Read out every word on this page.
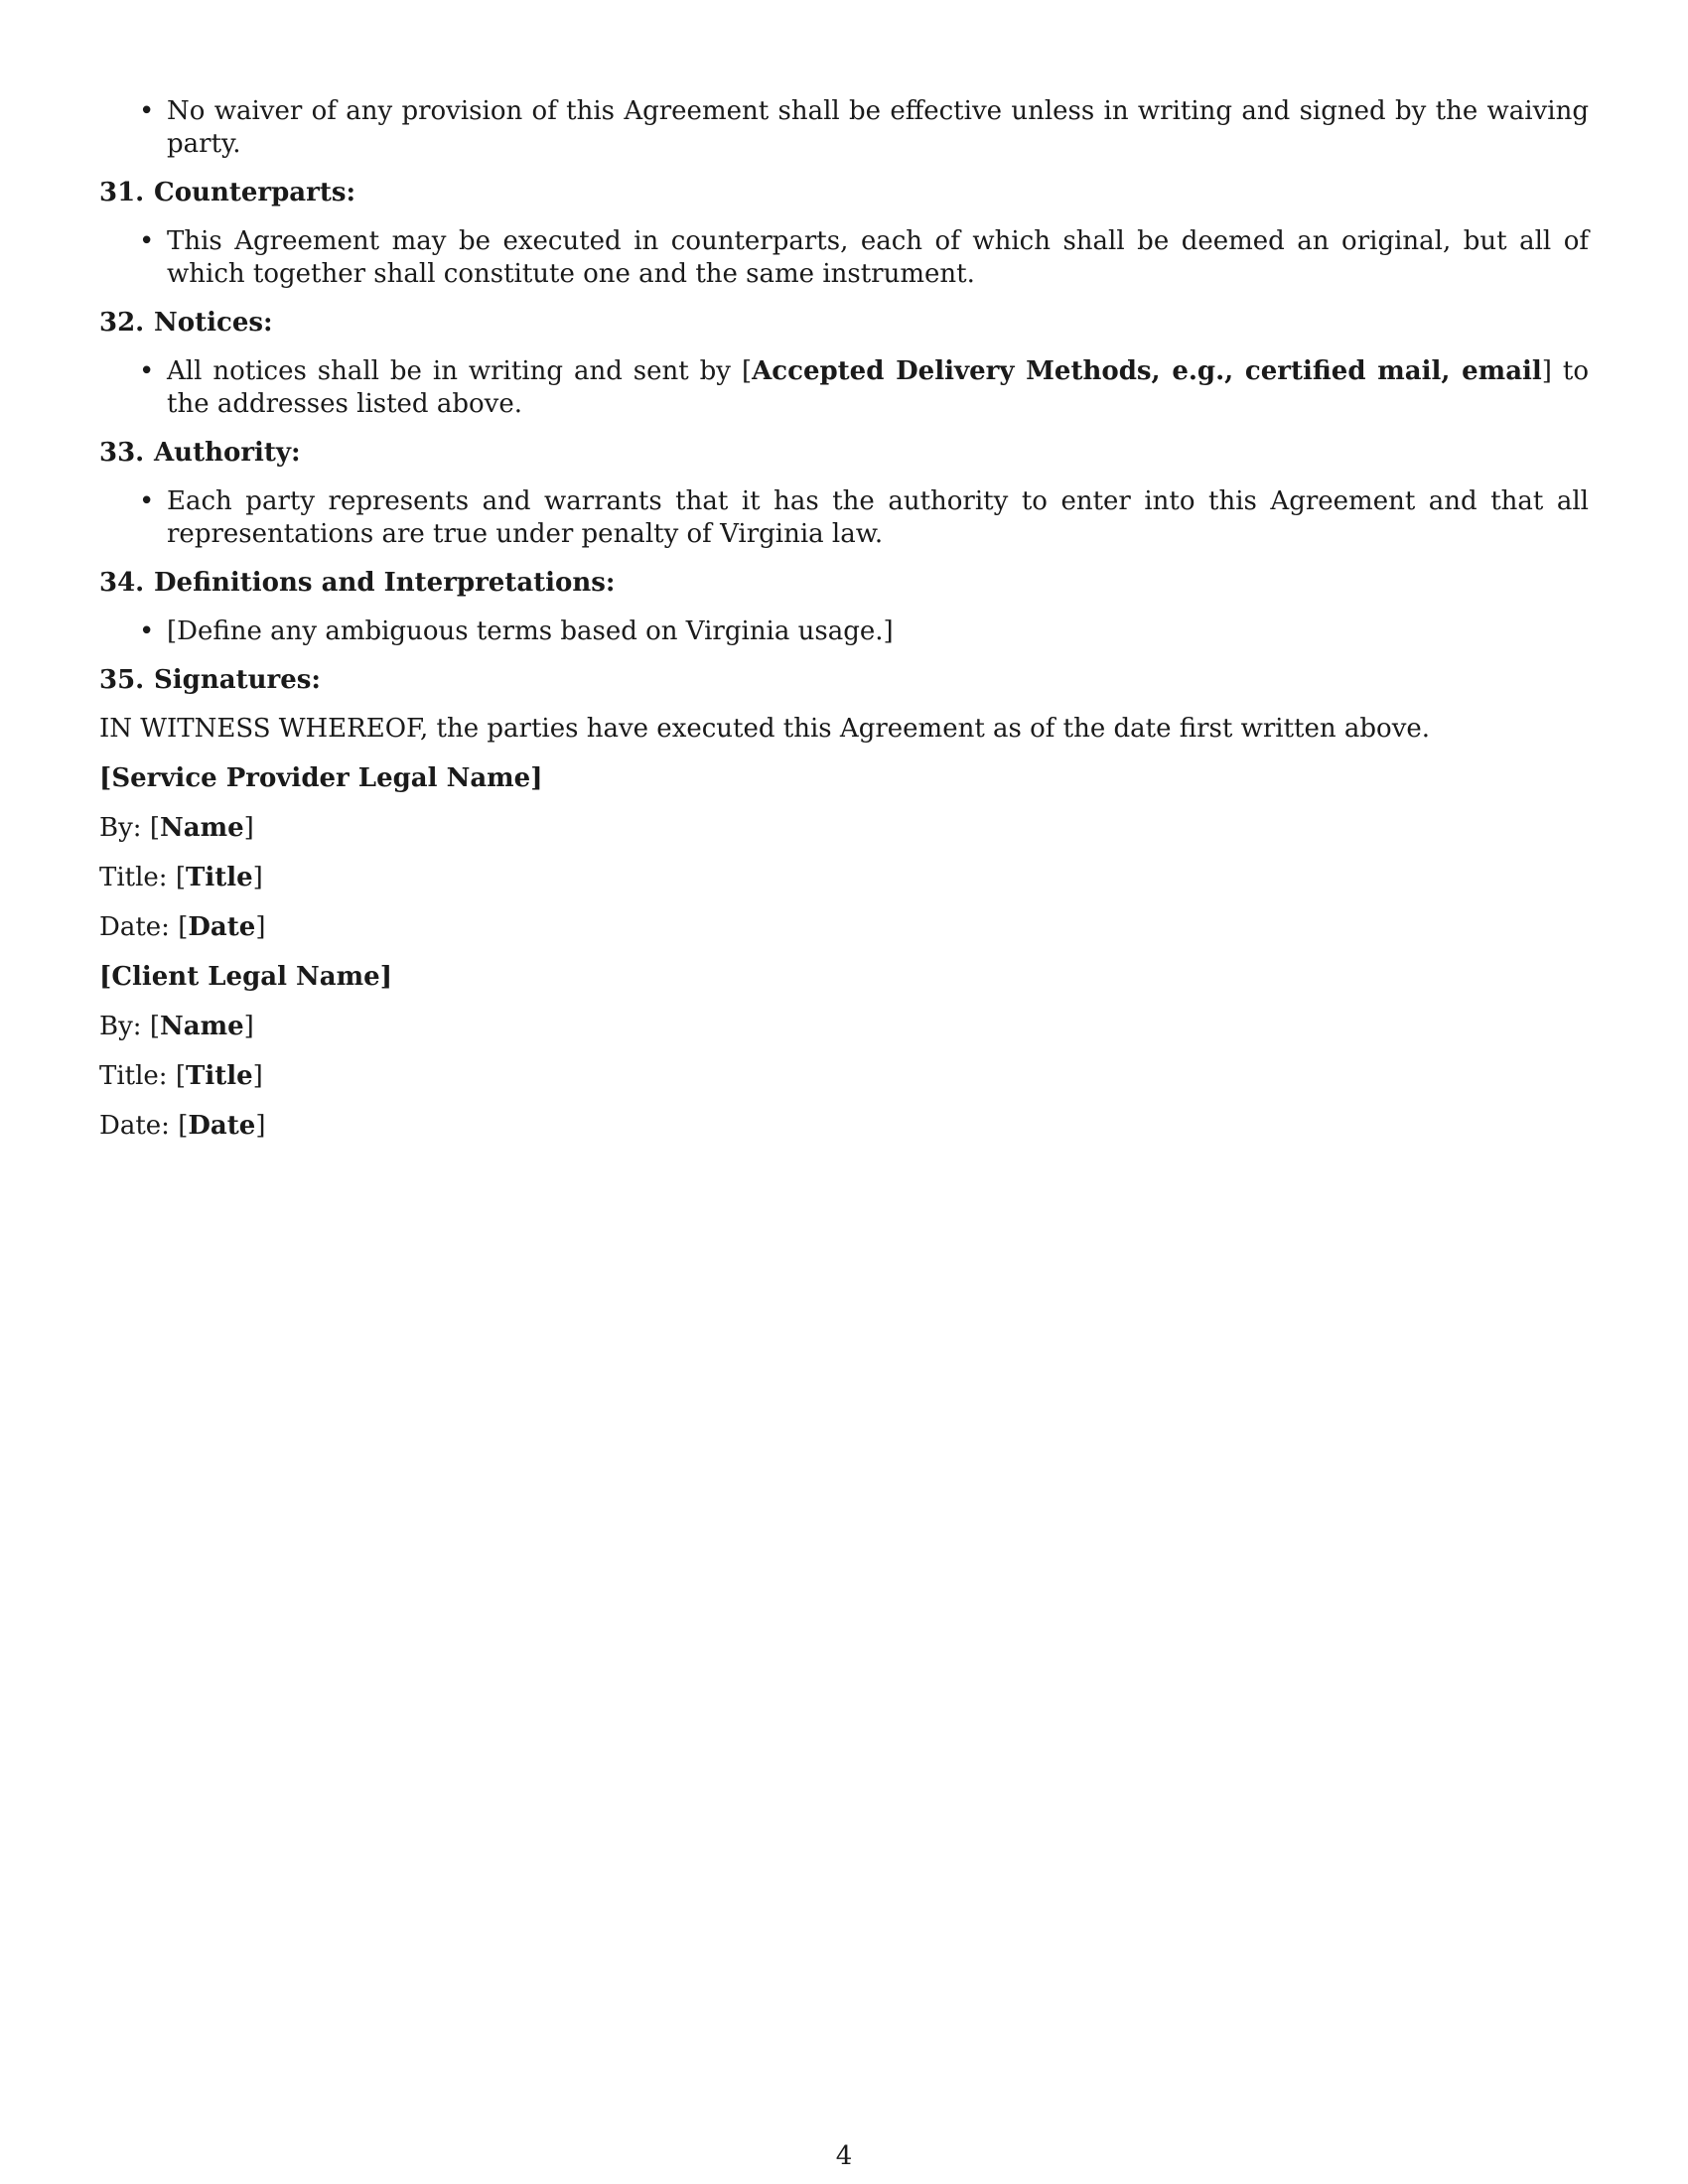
• No waiver of any provision of this Agreement shall be effective unless in writing and signed by the waiving party.
31. Counterparts:
• This Agreement may be executed in counterparts, each of which shall be deemed an original, but all of which together shall constitute one and the same instrument.
32. Notices:
• All notices shall be in writing and sent by [Accepted Delivery Methods, e.g., certified mail, email] to the addresses listed above.
33. Authority:
• Each party represents and warrants that it has the authority to enter into this Agreement and that all representations are true under penalty of Virginia law.
34. Definitions and Interpretations:
• [Define any ambiguous terms based on Virginia usage.]
35. Signatures:

IN WITNESS WHEREOF, the parties have executed this Agreement as of the date first written above.

[Service Provider Legal Name]

By: [Name]

Title: [Title]

Date: [Date]

[Client Legal Name]

By: [Name]

Title: [Title]

Date: [Date]

4
